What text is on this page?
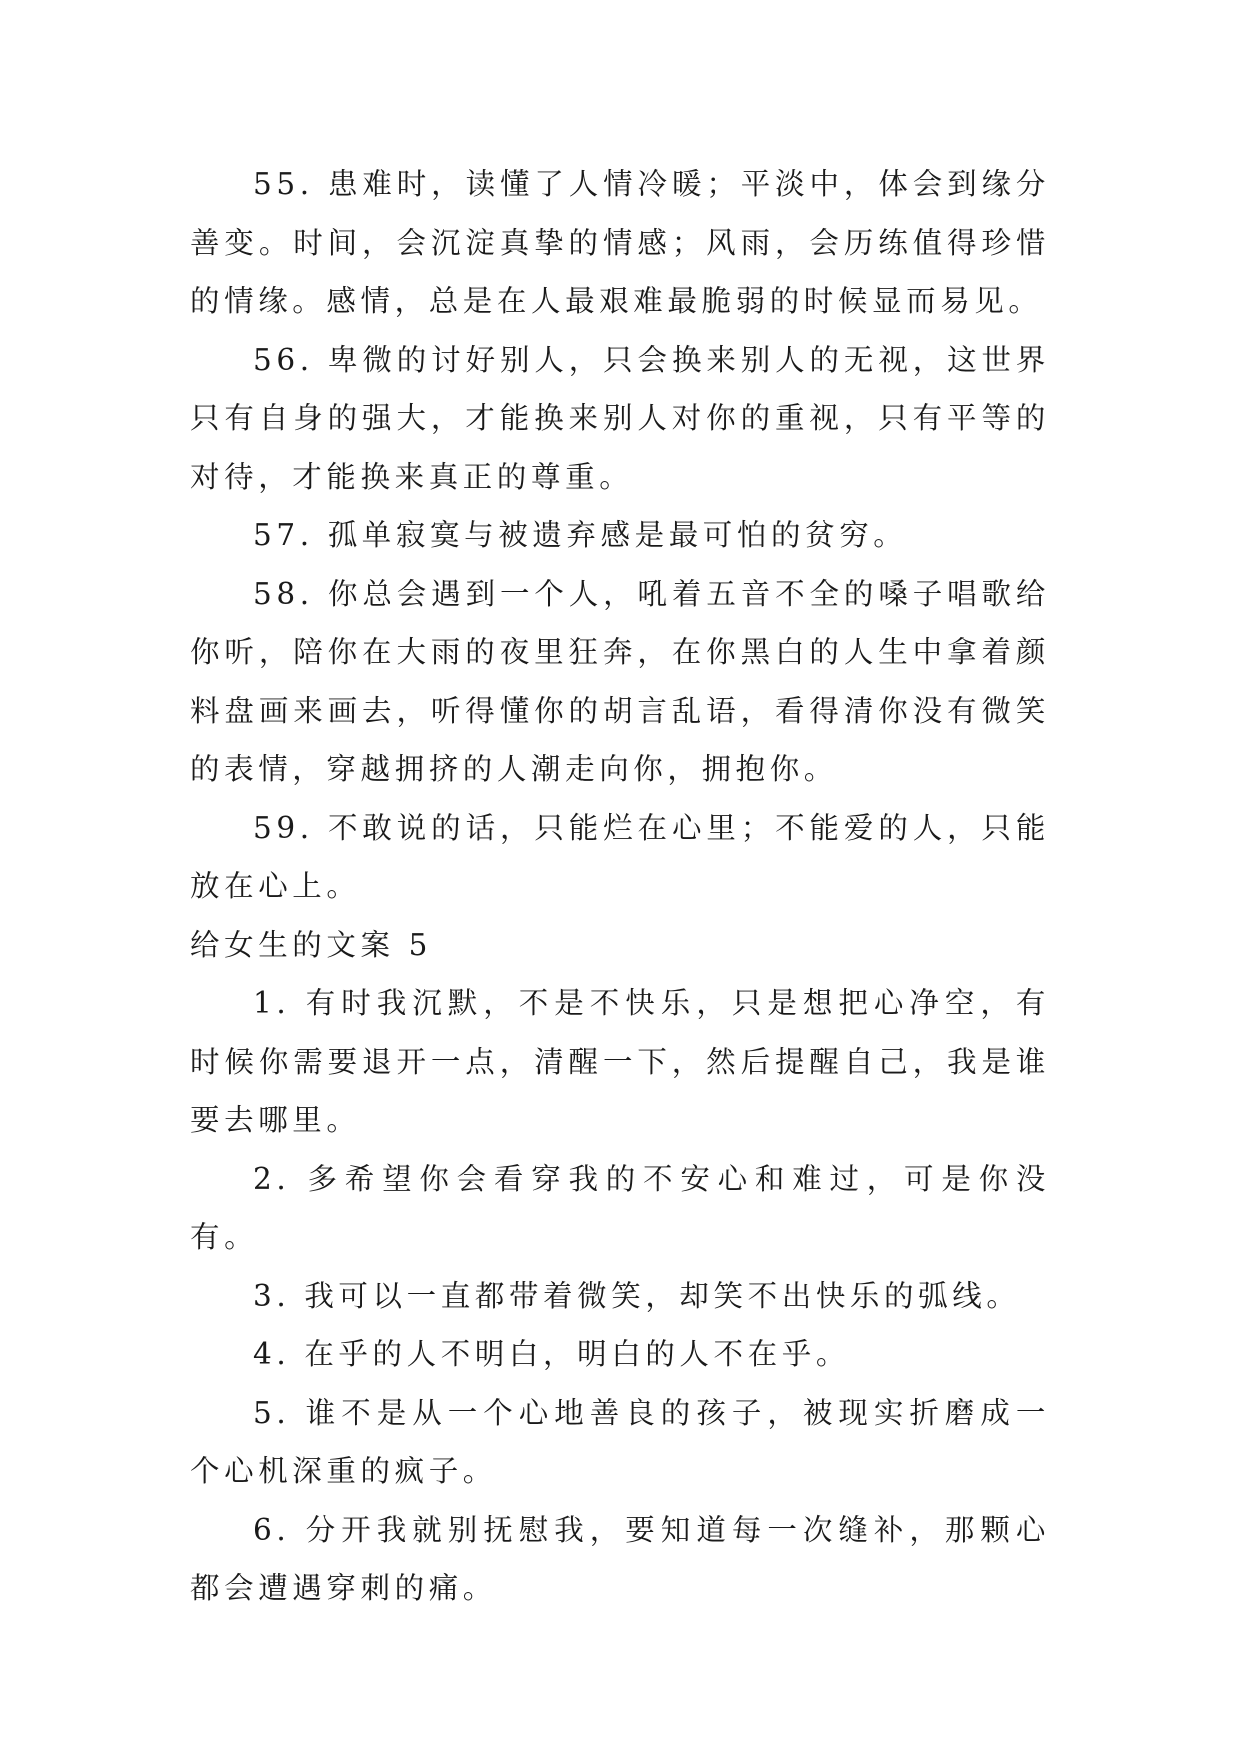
55. 患难时，读懂了人情冷暖；平淡中，体会到缘分善变。时间，会沉淀真挚的情感；风雨，会历练值得珍惜的情缘。感情，总是在人最艰难最脆弱的时候显而易见。

56. 卑微的讨好别人，只会换来别人的无视，这世界只有自身的强大，才能换来别人对你的重视，只有平等的对待，才能换来真正的尊重。

57. 孤单寂寞与被遗弃感是最可怕的贫穷。

58. 你总会遇到一个人，吼着五音不全的嗓子唱歌给你听，陪你在大雨的夜里狂奔，在你黑白的人生中拿着颜料盘画来画去，听得懂你的胡言乱语，看得清你没有微笑的表情，穿越拥挤的人潮走向你，拥抱你。

59. 不敢说的话，只能烂在心里；不能爱的人，只能放在心上。

给女生的文案 5

1. 有时我沉默，不是不快乐，只是想把心净空，有时候你需要退开一点，清醒一下，然后提醒自己，我是谁要去哪里。

2. 多希望你会看穿我的不安心和难过，可是你没有。

3. 我可以一直都带着微笑，却笑不出快乐的弧线。

4. 在乎的人不明白，明白的人不在乎。

5. 谁不是从一个心地善良的孩子，被现实折磨成一个心机深重的疯子。

6. 分开我就别抚慰我，要知道每一次缝补，那颗心都会遭遇穿刺的痛。
